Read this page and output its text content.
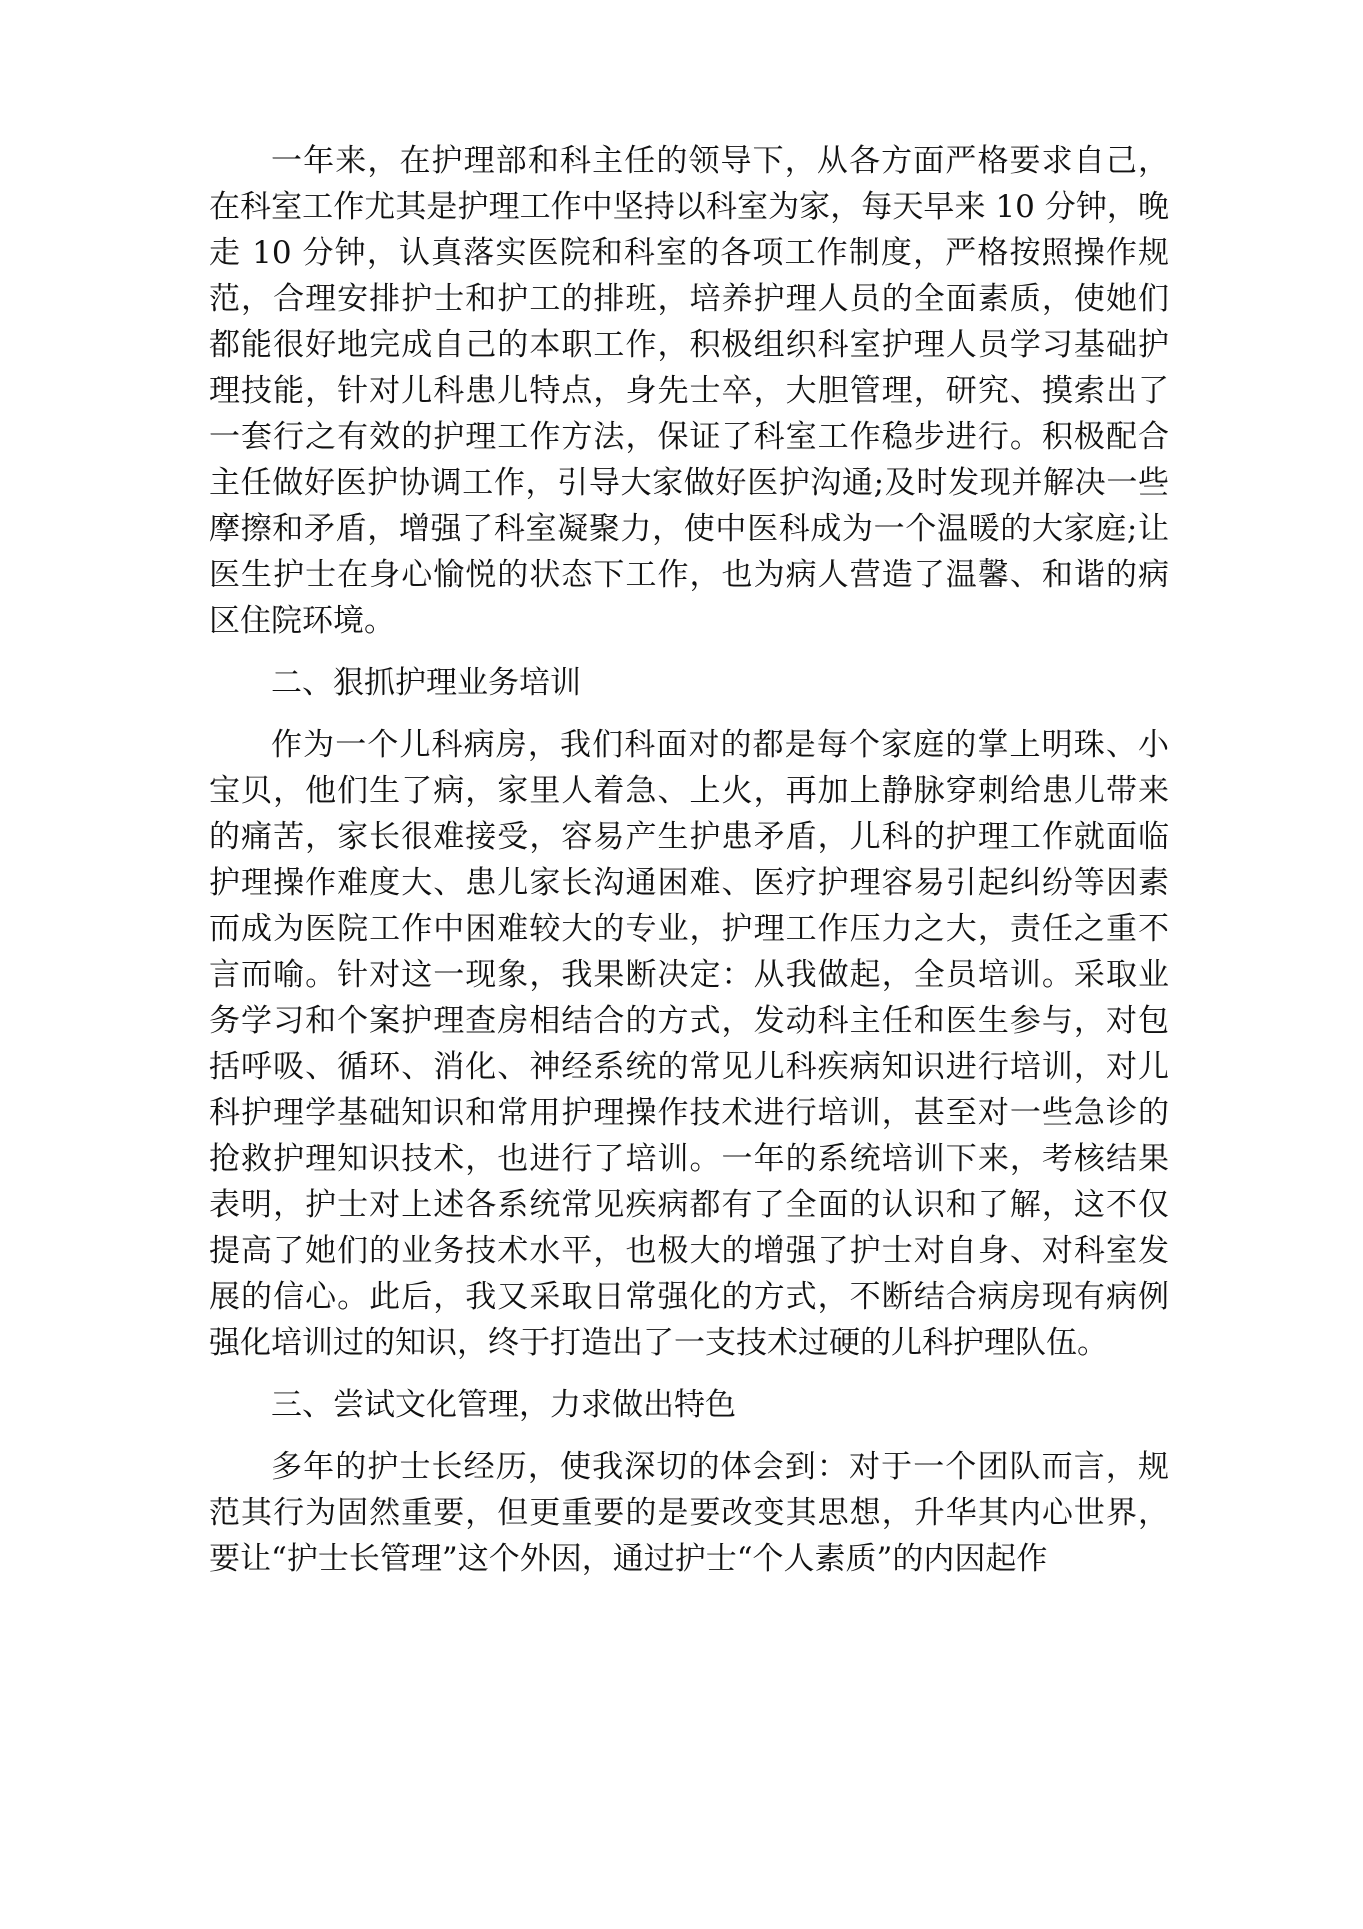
一年来，在护理部和科主任的领导下，从各方面严格要求自己，在科室工作尤其是护理工作中坚持以科室为家，每天早来 10 分钟，晚走 10 分钟，认真落实医院和科室的各项工作制度，严格按照操作规范，合理安排护士和护工的排班，培养护理人员的全面素质，使她们都能很好地完成自己的本职工作，积极组织科室护理人员学习基础护理技能，针对儿科患儿特点，身先士卒，大胆管理，研究、摸索出了一套行之有效的护理工作方法，保证了科室工作稳步进行。积极配合主任做好医护协调工作，引导大家做好医护沟通;及时发现并解决一些摩擦和矛盾，增强了科室凝聚力，使中医科成为一个温暖的大家庭;让医生护士在身心愉悦的状态下工作，也为病人营造了温馨、和谐的病区住院环境。

二、狠抓护理业务培训

作为一个儿科病房，我们科面对的都是每个家庭的掌上明珠、小宝贝，他们生了病，家里人着急、上火，再加上静脉穿刺给患儿带来的痛苦，家长很难接受，容易产生护患矛盾，儿科的护理工作就面临护理操作难度大、患儿家长沟通困难、医疗护理容易引起纠纷等因素而成为医院工作中困难较大的专业，护理工作压力之大，责任之重不言而喻。针对这一现象，我果断决定：从我做起，全员培训。采取业务学习和个案护理查房相结合的方式，发动科主任和医生参与，对包括呼吸、循环、消化、神经系统的常见儿科疾病知识进行培训，对儿科护理学基础知识和常用护理操作技术进行培训，甚至对一些急诊的抢救护理知识技术，也进行了培训。一年的系统培训下来，考核结果表明，护士对上述各系统常见疾病都有了全面的认识和了解，这不仅提高了她们的业务技术水平，也极大的增强了护士对自身、对科室发展的信心。此后，我又采取日常强化的方式，不断结合病房现有病例强化培训过的知识，终于打造出了一支技术过硬的儿科护理队伍。

三、尝试文化管理，力求做出特色

多年的护士长经历，使我深切的体会到：对于一个团队而言，规范其行为固然重要，但更重要的是要改变其思想，升华其内心世界，要让“护士长管理”这个外因，通过护士“个人素质”的内因起作
